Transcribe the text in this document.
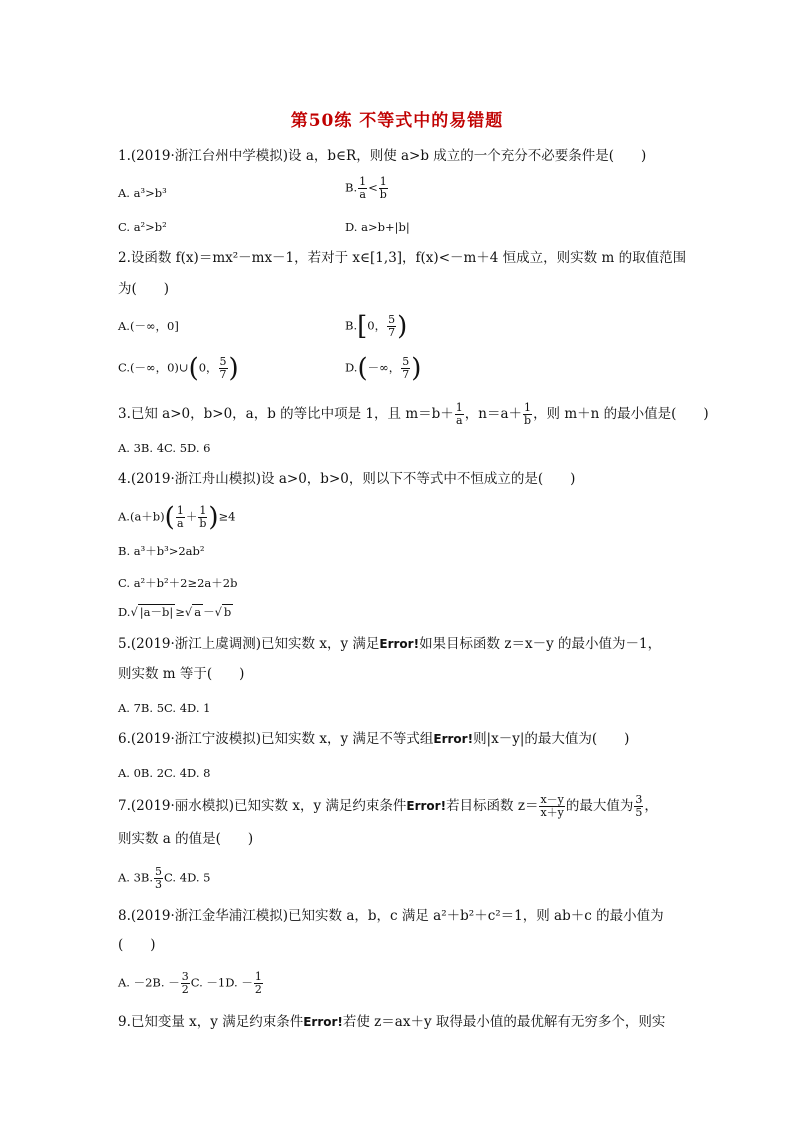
第50练 不等式中的易错题
1.(2019·浙江台州中学模拟)设 a，b∈R，则使 a>b 成立的一个充分不必要条件是(　　)
A. a³>b³	B. $\frac{1}{a} < \frac{1}{b}$
C. a²>b²	D. a>b+|b|
2.设函数 f(x)＝mx²－mx－1，若对于 x∈[1,3]，f(x)<－m＋4 恒成立，则实数 m 的取值范围
为(　　)
A.(－∞，0]	B.[0， $\frac{5}{7}$ )
C.(－∞，0)∪(0， $\frac{5}{7}$ )	D.(－∞， $\frac{5}{7}$ )
3.已知 a>0，b>0，a，b 的等比中项是 1，且 $m=b+ \frac{1}{a}$ ，$n=a+ \frac{1}{b}$ ，则 m＋n 的最小值是(　　)
A. 3B. 4C. 5D. 6
4.(2019·浙江舟山模拟)设 a>0，b>0，则以下不等式中不恒成立的是(　　)
$A.(a+b)( \frac{1}{a} + \frac{1}{b} )\ge 4$
B. a³＋b³>2ab²
C. a²＋b²＋2≥2a＋2b
D.√ |a－b| ≥√ a －√ b
5.(2019·浙江上虞调测)已知实数 x，y 满足Error!如果目标函数 z＝x－y 的最小值为－1，
则实数 m 等于(　　)
A. 7B. 5C. 4D. 1
6.(2019·浙江宁波模拟)已知实数 x，y 满足不等式组Error!则|x－y|的最大值为(　　)
A. 0B. 2C. 4D. 8
7.(2019·丽水模拟)已知实数 x，y 满足约束条件Error!若目标函数 $z= \frac{x-y}{x+y}$ 的最大值为 $\frac{3}{5}$ ，
则实数 a 的值是(　　)
A. 3B. $\frac{5}{3} C$. 4D. 5
8.(2019·浙江金华浦江模拟)已知实数 a，b，c 满足 a²＋b²＋c²＝1，则 ab＋c 的最小值为
(　　)
A. －2B. － $\frac{3}{2} C$. －1D. － $\frac{1}{2}$
9.已知变量 x，y 满足约束条件Error!若使 z＝ax＋y 取得最小值的最优解有无穷多个，则实
